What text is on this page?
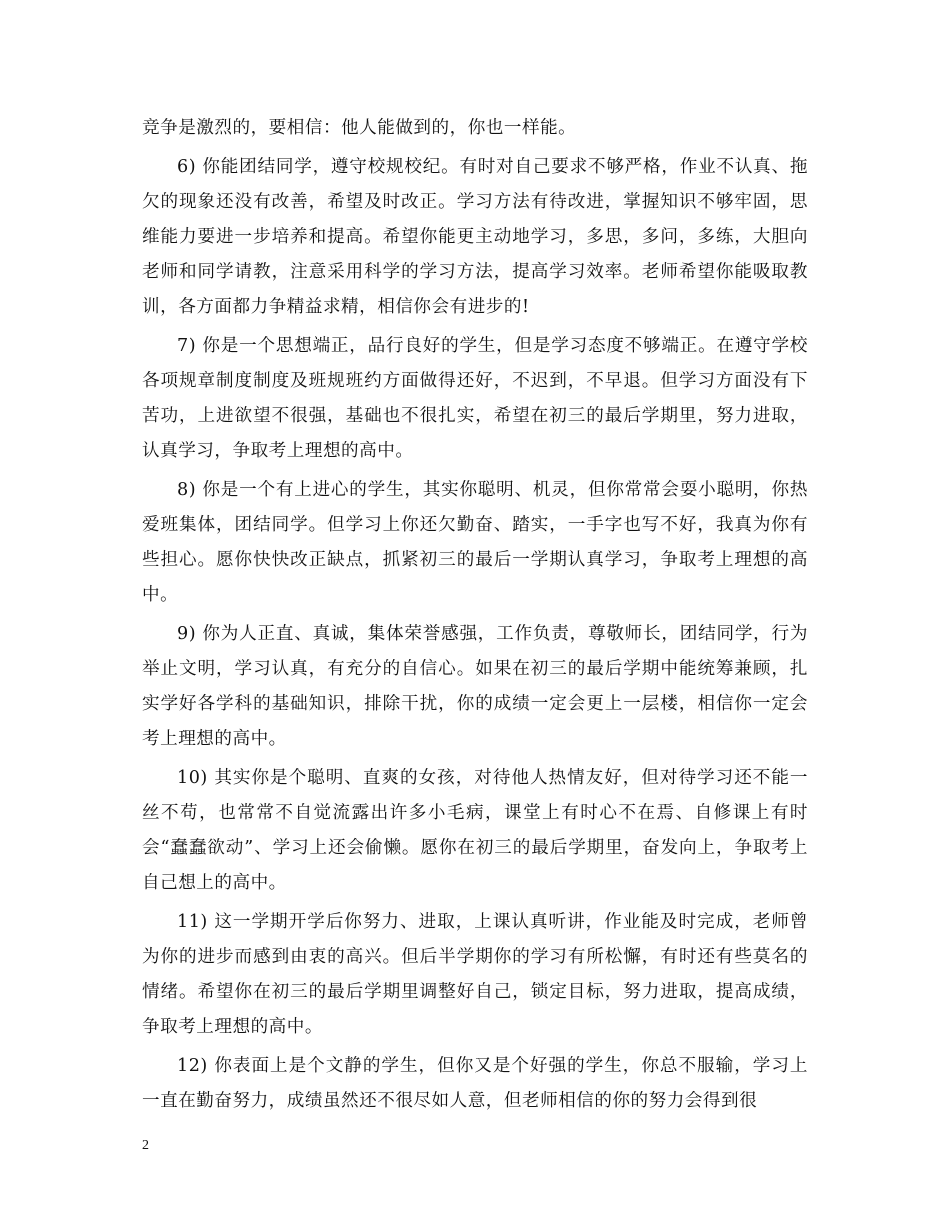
竞争是激烈的，要相信：他人能做到的，你也一样能。

6) 你能团结同学，遵守校规校纪。有时对自己要求不够严格，作业不认真、拖欠的现象还没有改善，希望及时改正。学习方法有待改进，掌握知识不够牢固，思维能力要进一步培养和提高。希望你能更主动地学习，多思，多问，多练，大胆向老师和同学请教，注意采用科学的学习方法，提高学习效率。老师希望你能吸取教训，各方面都力争精益求精，相信你会有进步的!

7) 你是一个思想端正，品行良好的学生，但是学习态度不够端正。在遵守学校各项规章制度制度及班规班约方面做得还好，不迟到，不早退。但学习方面没有下苦功，上进欲望不很强，基础也不很扎实，希望在初三的最后学期里，努力进取，认真学习，争取考上理想的高中。

8) 你是一个有上进心的学生，其实你聪明、机灵，但你常常会耍小聪明，你热爱班集体，团结同学。但学习上你还欠勤奋、踏实，一手字也写不好，我真为你有些担心。愿你快快改正缺点，抓紧初三的最后一学期认真学习，争取考上理想的高中。

9) 你为人正直、真诚，集体荣誉感强，工作负责，尊敬师长，团结同学，行为举止文明，学习认真，有充分的自信心。如果在初三的最后学期中能统筹兼顾，扎实学好各学科的基础知识，排除干扰，你的成绩一定会更上一层楼，相信你一定会考上理想的高中。

10) 其实你是个聪明、直爽的女孩，对待他人热情友好，但对待学习还不能一丝不苟，也常常不自觉流露出许多小毛病，课堂上有时心不在焉、自修课上有时会“蠢蠢欲动”、学习上还会偷懒。愿你在初三的最后学期里，奋发向上，争取考上自己想上的高中。

11) 这一学期开学后你努力、进取，上课认真听讲，作业能及时完成，老师曾为你的进步而感到由衷的高兴。但后半学期你的学习有所松懈，有时还有些莫名的情绪。希望你在初三的最后学期里调整好自己，锁定目标，努力进取，提高成绩，争取考上理想的高中。

12) 你表面上是个文静的学生，但你又是个好强的学生，你总不服输，学习上一直在勤奋努力，成绩虽然还不很尽如人意，但老师相信的你的努力会得到很

2
